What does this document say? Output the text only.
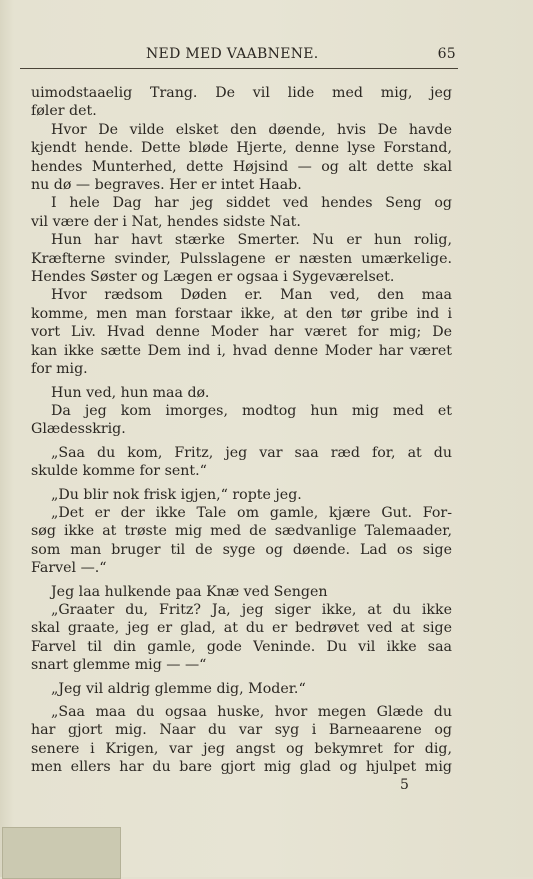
NED MED VAABNENE.	65
uimodstaaelig Trang. De vil lide med mig, jeg
føler det.
Hvor De vilde elsket den døende, hvis De havde
kjendt hende. Dette bløde Hjerte, denne lyse Forstand,
hendes Munterhed, dette Højsind — og alt dette skal
nu dø — begraves. Her er intet Haab.
I hele Dag har jeg siddet ved hendes Seng og
vil være der i Nat, hendes sidste Nat.
Hun har havt stærke Smerter. Nu er hun rolig,
Kræfterne svinder, Pulsslagene er næsten umærkelige.
Hendes Søster og Lægen er ogsaa i Sygeværelset.
Hvor rædsom Døden er. Man ved, den maa
komme, men man forstaar ikke, at den tør gribe ind i
vort Liv. Hvad denne Moder har været for mig; De
kan ikke sætte Dem ind i, hvad denne Moder har været
for mig.
Hun ved, hun maa dø.
Da jeg kom imorges, modtog hun mig med et
Glædesskrig.
„Saa du kom, Fritz, jeg var saa ræd for, at du
skulde komme for sent.“
„Du blir nok frisk igjen,“ ropte jeg.
„Det er der ikke Tale om gamle, kjære Gut. For-
søg ikke at trøste mig med de sædvanlige Talemaader,
som man bruger til de syge og døende. Lad os sige
Farvel —.“
Jeg laa hulkende paa Knæ ved Sengen
„Graater du, Fritz? Ja, jeg siger ikke, at du ikke
skal graate, jeg er glad, at du er bedrøvet ved at sige
Farvel til din gamle, gode Veninde. Du vil ikke saa
snart glemme mig — —“
„Jeg vil aldrig glemme dig, Moder.“
„Saa maa du ogsaa huske, hvor megen Glæde du
har gjort mig. Naar du var syg i Barneaarene og
senere i Krigen, var jeg angst og bekymret for dig,
men ellers har du bare gjort mig glad og hjulpet mig
5
